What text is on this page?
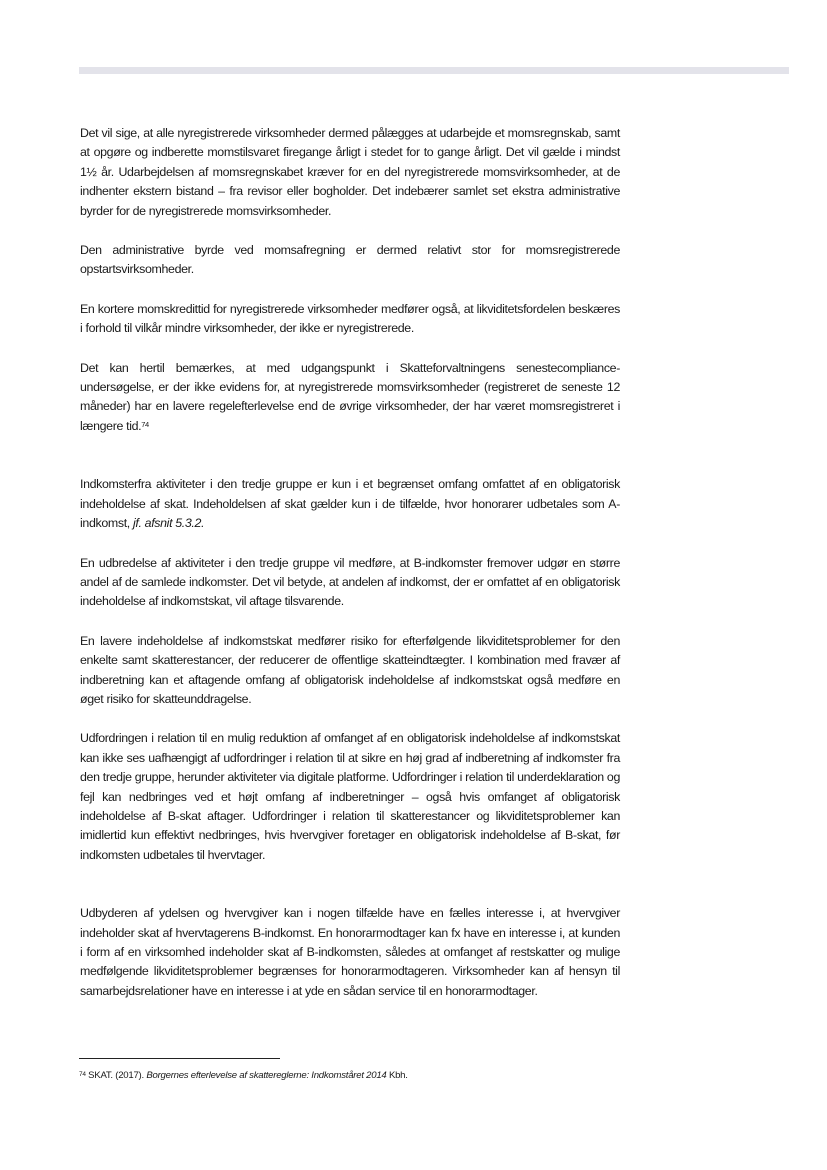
Det vil sige, at alle nyregistrerede virksomheder dermed pålægges at udarbejde et momsregnskab, samt at opgøre og indberette momstilsvaret firegange årligt i stedet for to gange årligt. Det vil gælde i mindst 1½ år. Udarbejdelsen af momsregnskabet kræver for en del nyregistrerede momsvirksomheder, at de indhenter ekstern bistand – fra revisor eller bogholder. Det indebærer samlet set ekstra administrative byrder for de nyregistrerede momsvirksomheder.

Den administrative byrde ved momsafregning er dermed relativt stor for momsregistrerede opstartsvirksomheder.

En kortere momskredittid for nyregistrerede virksomheder medfører også, at likviditetsfordelen beskæres i forhold til vilkår mindre virksomheder, der ikke er nyregistrerede.

Det kan hertil bemærkes, at med udgangspunkt i Skatteforvaltningens senestecompliance-undersøgelse, er der ikke evidens for, at nyregistrerede momsvirksomheder (registreret de seneste 12 måneder) har en lavere regelefterlevelse end de øvrige virksomheder, der har været momsregistreret i længere tid.$^{74}$

Indkomsterfra aktiviteter i den tredje gruppe er kun i et begrænset omfang omfattet af en obligatorisk indeholdelse af skat. Indeholdelsen af skat gælder kun i de tilfælde, hvor honorarer udbetales som A-indkomst, jf. afsnit 5.3.2.

En udbredelse af aktiviteter i den tredje gruppe vil medføre, at B-indkomster fremover udgør en større andel af de samlede indkomster. Det vil betyde, at andelen af indkomst, der er omfattet af en obligatorisk indeholdelse af indkomstskat, vil aftage tilsvarende.

En lavere indeholdelse af indkomstskat medfører risiko for efterfølgende likviditetsproblemer for den enkelte samt skatterestancer, der reducerer de offentlige skatteindtægter. I kombination med fravær af indberetning kan et aftagende omfang af obligatorisk indeholdelse af indkomstskat også medføre en øget risiko for skatteunddragelse.

Udfordringen i relation til en mulig reduktion af omfanget af en obligatorisk indeholdelse af indkomstskat kan ikke ses uafhængigt af udfordringer i relation til at sikre en høj grad af indberetning af indkomster fra den tredje gruppe, herunder aktiviteter via digitale platforme. Udfordringer i relation til underdeklaration og fejl kan nedbringes ved et højt omfang af indberetninger – også hvis omfanget af obligatorisk indeholdelse af B-skat aftager. Udfordringer i relation til skatterestancer og likviditetsproblemer kan imidlertid kun effektivt nedbringes, hvis hvervgiver foretager en obligatorisk indeholdelse af B-skat, før indkomsten udbetales til hvervtager.

Udbyderen af ydelsen og hvervgiver kan i nogen tilfælde have en fælles interesse i, at hvervgiver indeholder skat af hvervtagerens B-indkomst. En honorarmodtager kan fx have en interesse i, at kunden i form af en virksomhed indeholder skat af B-indkomsten, således at omfanget af restskatter og mulige medfølgende likviditetsproblemer begrænses for honorarmodtageren. Virksomheder kan af hensyn til samarbejdsrelationer have en interesse i at yde en sådan service til en honorarmodtager.

$^{74}$ SKAT. (2017). Borgernes efterlevelse af skattereglerne: Indkomståret 2014 Kbh.
